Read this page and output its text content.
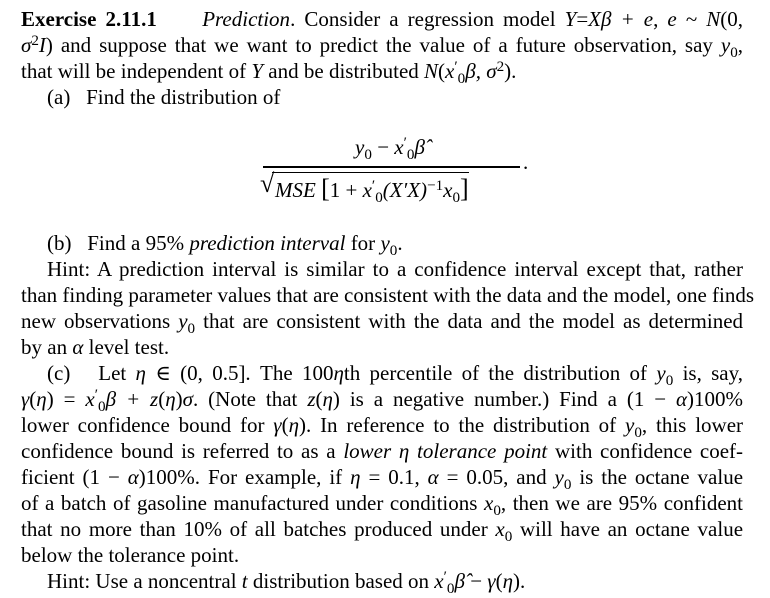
Exercise 2.11.1 Prediction. Consider a regression model Y=Xβ + e, e ~ N(0,
$\sigma^2I$) and suppose that we want to predict the value of a future observation, say $y_0$,
that will be independent of Y and be distributed $N(x'_0\beta$, $\sigma^2$).
(a) Find the distribution of
$y_0$ − $x'_0\betâ$
√ MSE $[1 + x'_0(X'X)^{-1}x_0]$
.
(b) Find a 95% prediction interval for $y_0$.
Hint: A prediction interval is similar to a confidence interval except that, rather
than finding parameter values that are consistent with the data and the model, one finds
new observations $y_0$ that are consistent with the data and the model as determined
by an α level test.
(c) Let η ∈ (0, 0.5]. The 100ηth percentile of the distribution of $y_0$ is, say,
$\gamma(\eta) = x'_0\beta + z(\eta)\sigma$. (Note that z(η) is a negative number.) Find a (1 − α)100%
lower confidence bound for γ(η). In reference to the distribution of $y_0$, this lower
confidence bound is referred to as a lower η tolerance point with confidence coef-
ficient (1 − α)100%. For example, if η = 0.1, α = 0.05, and $y_0$ is the octane value
of a batch of gasoline manufactured under conditions $x_0$, then we are 95% confident
that no more than 10% of all batches produced under $x_0$ will have an octane value
below the tolerance point.
Hint: Use a noncentral t distribution based on $x'_0\betâ - \gamma(\eta)$.
